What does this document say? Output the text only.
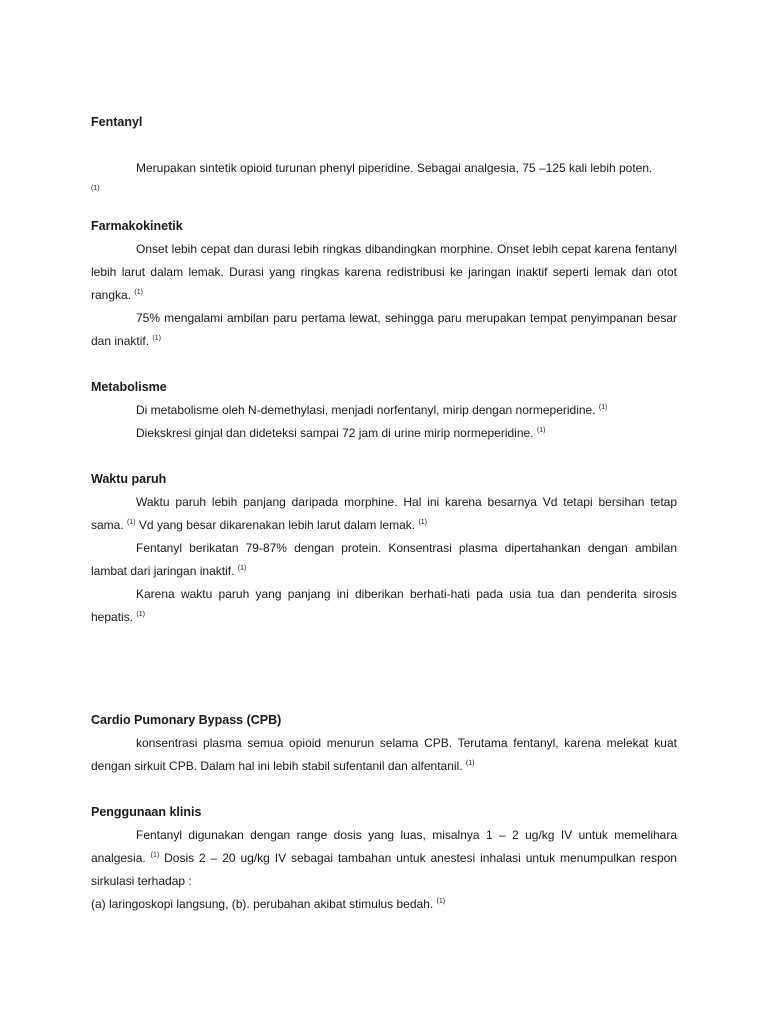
Fentanyl

Merupakan sintetik opioid turunan phenyl piperidine. Sebagai analgesia, 75 –125 kali lebih poten.

$^{(1)}$

Farmakokinetik

Onset lebih cepat dan durasi lebih ringkas dibandingkan morphine. Onset lebih cepat karena fentanyl lebih larut dalam lemak. Durasi yang ringkas karena redistribusi ke jaringan inaktif seperti lemak dan otot rangka. $^{(1)}$

75% mengalami ambilan paru pertama lewat, sehingga paru merupakan tempat penyimpanan besar dan inaktif. $^{(1)}$

Metabolisme

Di metabolisme oleh N-demethylasi, menjadi norfentanyl, mirip dengan normeperidine. $^{(1)}$

Diekskresi ginjal dan dideteksi sampai 72 jam di urine mirip normeperidine. $^{(1)}$

Waktu paruh

Waktu paruh lebih panjang daripada morphine. Hal ini karena besarnya Vd tetapi bersihan tetap sama. $^{(1)}$ Vd yang besar dikarenakan lebih larut dalam lemak. $^{(1)}$

Fentanyl berikatan 79-87% dengan protein. Konsentrasi plasma dipertahankan dengan ambilan lambat dari jaringan inaktif. $^{(1)}$

Karena waktu paruh yang panjang ini diberikan berhati-hati pada usia tua dan penderita sirosis hepatis. $^{(1)}$

Cardio Pumonary Bypass (CPB)

konsentrasi plasma semua opioid menurun selama CPB. Terutama fentanyl, karena melekat kuat dengan sirkuit CPB. Dalam hal ini lebih stabil sufentanil dan alfentanil. $^{(1)}$

Penggunaan klinis

Fentanyl digunakan dengan range dosis yang luas, misalnya 1 – 2 ug/kg IV untuk memelihara analgesia. $^{(1)}$ Dosis 2 – 20 ug/kg IV sebagai tambahan untuk anestesi inhalasi untuk menumpulkan respon sirkulasi terhadap :

(a) laringoskopi langsung, (b). perubahan akibat stimulus bedah. $^{(1)}$
